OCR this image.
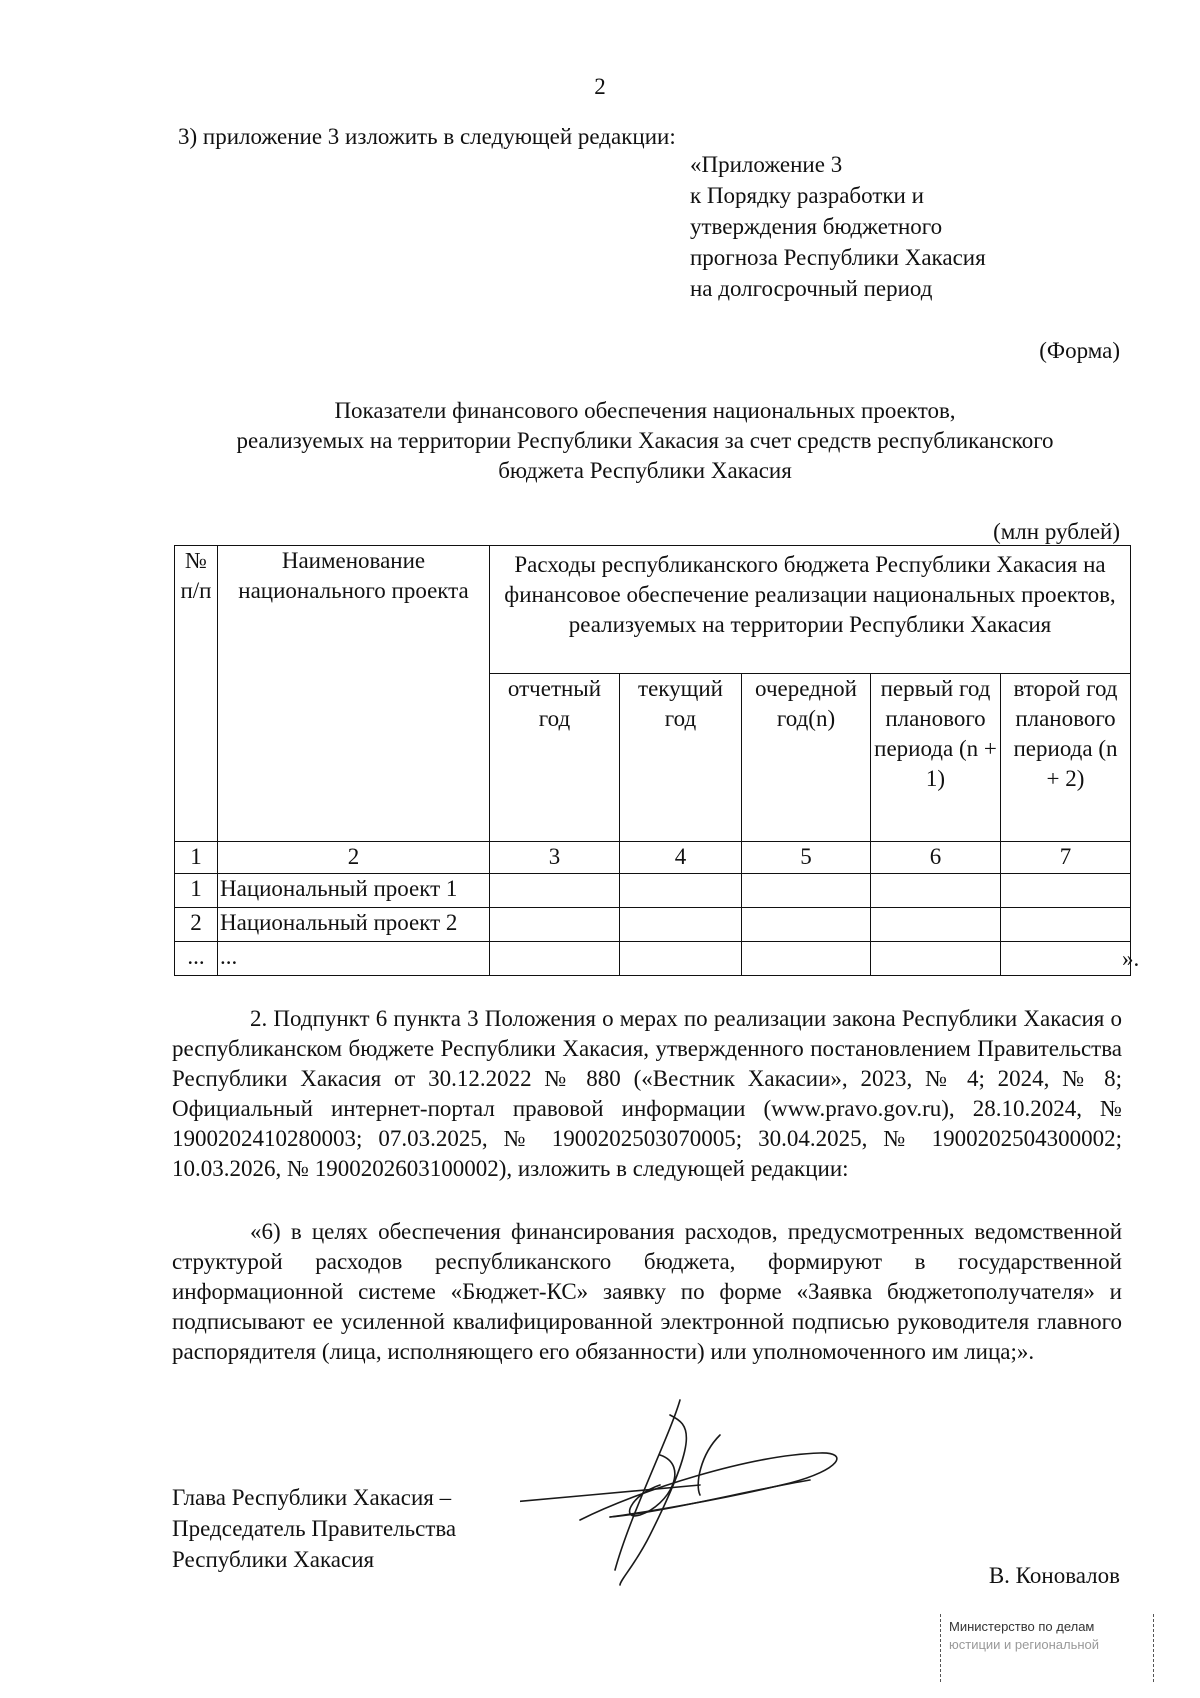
2
3) приложение 3 изложить в следующей редакции:
«Приложение 3
к Порядку разработки и
утверждения бюджетного
прогноза Республики Хакасия
на долгосрочный период
(Форма)
Показатели финансового обеспечения национальных проектов,
реализуемых на территории Республики Хакасия за счет средств республиканского
бюджета Республики Хакасия
(млн рублей)
№ п/п	Наименование национального проекта	Расходы республиканского бюджета Республики Хакасия на финансовое обеспечение реализации национальных проектов, реализуемых на территории Республики Хакасия				
		отчетный год	текущий год	очередной год(n)	первый год планового периода (n + 1)	второй год планового периода (n + 2)
1	2	3	4	5	6	7
1	Национальный проект 1					
2	Национальный проект 2					
...	...						».

2. Подпункт 6 пункта 3 Положения о мерах по реализации закона Республики Хакасия о республиканском бюджете Республики Хакасия, утвержденного постановлением Правительства Республики Хакасия от 30.12.2022 № 880 («Вестник Хакасии», 2023, № 4; 2024, № 8; Официальный интернет-портал правовой информации (www.pravo.gov.ru), 28.10.2024, № 1900202410280003; 07.03.2025, № 1900202503070005; 30.04.2025, № 1900202504300002; 10.03.2026, № 1900202603100002), изложить в следующей редакции:

«6) в целях обеспечения финансирования расходов, предусмотренных ведомственной структурой расходов республиканского бюджета, формируют в государственной информационной системе «Бюджет-КС» заявку по форме «Заявка бюджетополучателя» и подписывают ее усиленной квалифицированной электронной подписью руководителя главного распорядителя (лица, исполняющего его обязанности) или уполномоченного им лица;».

Глава Республики Хакасия –
Председатель Правительства
Республики Хакасия
В. Коновалов
Министерство по делам
юстиции и региональной
